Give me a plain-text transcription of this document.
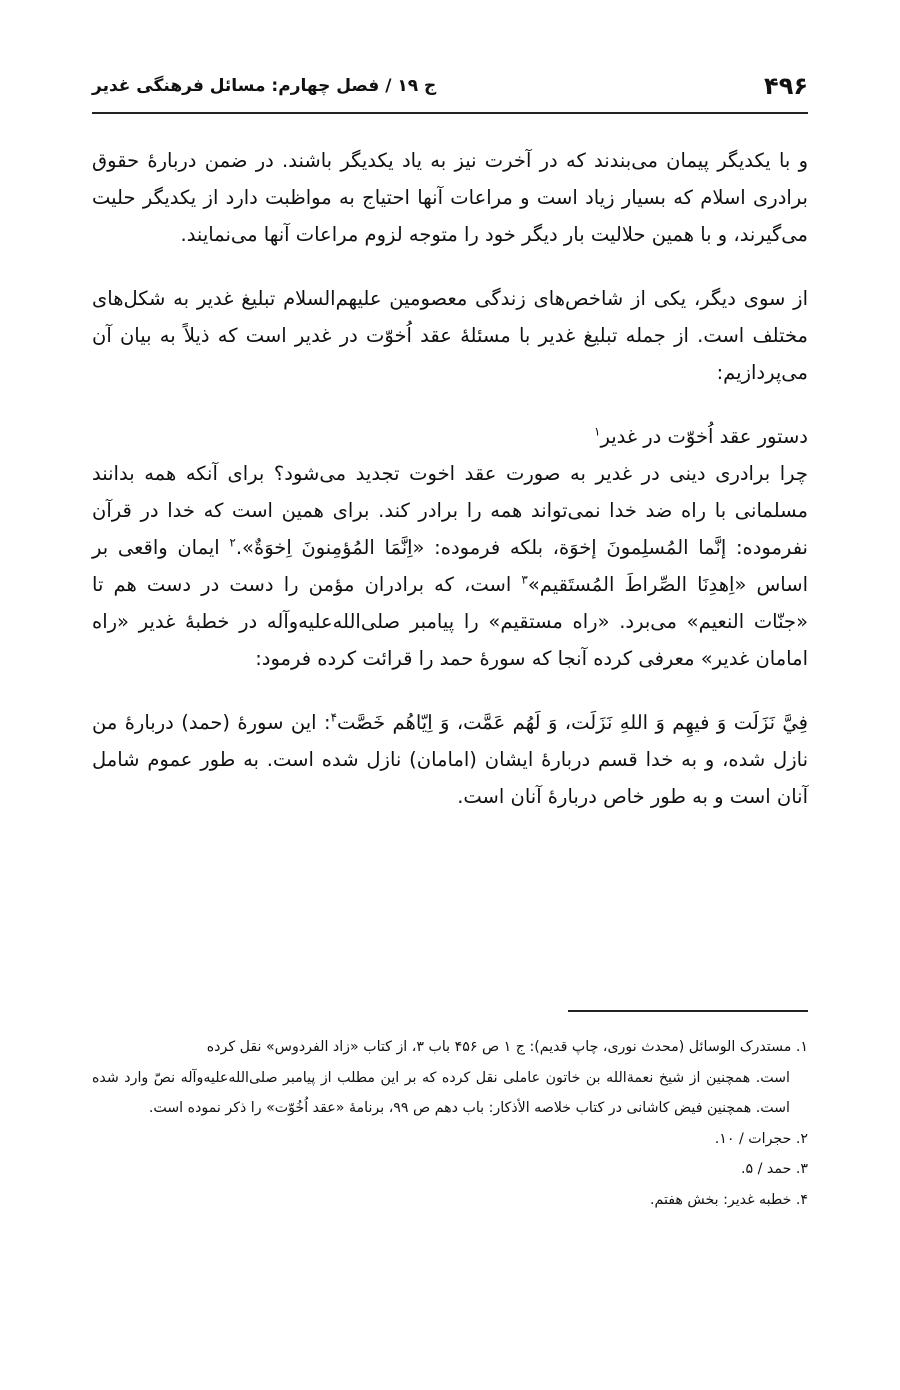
۴۹۶
ج ۱۹ / فصل چهارم: مسائل فرهنگی غدیر

و با یکدیگر پیمان می‌بندند که در آخرت نیز به یاد یکدیگر باشند. در ضمن دربارۀ حقوق برادری اسلام که بسیار زیاد است و مراعات آنها احتیاج به مواظبت دارد از یکدیگر حلیت می‌گیرند، و با همین حلالیت بار دیگر خود را متوجه لزوم مراعات آنها می‌نمایند.

از سوی دیگر، یکی از شاخص‌های زندگی معصومین علیهم‌السلام تبلیغ غدیر به شکل‌های مختلف است. از جمله تبلیغ غدیر با مسئلۀ عقد اُخوّت در غدیر است که ذیلاً به بیان آن می‌پردازیم:

دستور عقد اُخوّت در غدیر$^۱$

چرا برادری دینی در غدیر به صورت عقد اخوت تجدید می‌شود؟ برای آنکه همه بدانند مسلمانی با راه ضد خدا نمی‌تواند همه را برادر کند. برای همین است که خدا در قرآن نفرموده: إنَّما المُسلِمونَ إخوَة، بلکه فرموده: «اِنَّمَا المُؤمِنونَ اِخوَةٌ».$^۲$ ایمان واقعی بر اساس «اِهدِنَا الصِّراطَ المُستَقیم»$^۳$ است، که برادران مؤمن را دست در دست هم تا «جنّات النعیم» می‌برد. «راه مستقیم» را پیامبر صلی‌الله‌علیه‌وآله در خطبۀ غدیر «راه امامان غدیر» معرفی کرده آنجا که سورۀ حمد را قرائت کرده فرمود:

فِيَّ نَزَلَت وَ فيهِم وَ اللهِ نَزَلَت، وَ لَهُم عَمَّت، وَ اِيّاهُم خَصَّت$^۴$: این سورۀ (حمد) دربارۀ من نازل شده، و به خدا قسم دربارۀ ایشان (امامان) نازل شده است. به طور عموم شامل آنان است و به طور خاص دربارۀ آنان است.

۱. مستدرک الوسائل (محدث نوری، چاپ قدیم): ج ۱ ص ۴۵۶ باب ۳، از کتاب «زاد الفردوس» نقل کرده

است. همچنین از شیخ نعمة‌الله بن خاتون عاملی نقل کرده که بر این مطلب از پیامبر صلی‌الله‌علیه‌وآله نصّ وارد شده است. همچنین فیض کاشانی در کتاب خلاصه الأذکار: باب دهم ص ۹۹، برنامۀ «عقد اُخُوّت» را ذکر نموده است.

۲. حجرات / ۱۰.

۳. حمد / ۵.

۴. خطبه غدیر: بخش هفتم.
